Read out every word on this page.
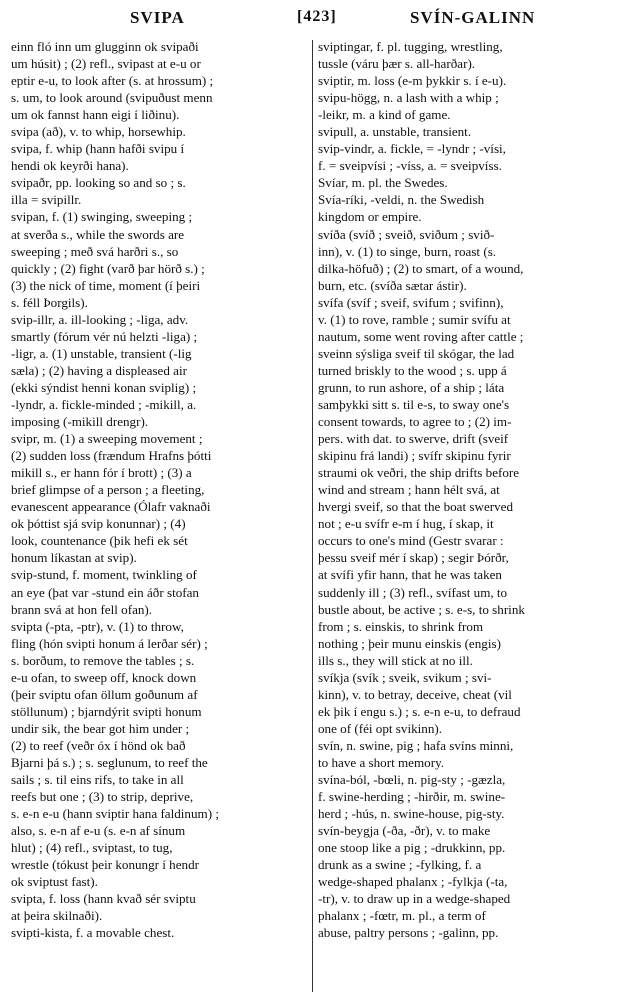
SVIPA	[423]	SVÍN-GALINN
einn fló inn um glugginn ok svipaði
um húsit) ; (2) refl., svipast at e-u or
eptir e-u, to look after (s. at hrossum) ;
s. um, to look around (svipuðust menn
um ok fannst hann eigi í liðinu).
svipa (að), v. to whip, horsewhip.
svipa, f. whip (hann hafði svipu í
hendi ok keyrði hana).
svipaðr, pp. looking so and so ; s.
illa = svipillr.
svipan, f. (1) swinging, sweeping ;
at sverða s., while the swords are
sweeping ; með svá harðri s., so
quickly ; (2) fight (varð þar hörð s.) ;
(3) the nick of time, moment (í þeiri
s. féll Þorgils).
svip-illr, a. ill-looking ; -liga, adv.
smartly (fórum vér nú helzti -liga) ;
-ligr, a. (1) unstable, transient (-lig
sæla) ; (2) having a displeased air
(ekki sýndist henni konan sviplig) ;
-lyndr, a. fickle-minded ; -mikill, a.
imposing (-mikill drengr).
svipr, m. (1) a sweeping movement ;
(2) sudden loss (frændum Hrafns þótti
mikill s., er hann fór í brott) ; (3) a
brief glimpse of a person ; a fleeting,
evanescent appearance (Ólafr vaknaði
ok þóttist sjá svip konunnar) ; (4)
look, countenance (þik hefi ek sét
honum líkastan at svip).
svip-stund, f. moment, twinkling of
an eye (þat var -stund ein áðr stofan
brann svá at hon fell ofan).
svipta (-pta, -ptr), v. (1) to throw,
fling (hón svipti honum á lerðar sér) ;
s. borðum, to remove the tables ; s.
e-u ofan, to sweep off, knock down
(þeir sviptu ofan öllum goðunum af
stöllunum) ; bjarndýrit svipti honum
undir sik, the bear got him under ;
(2) to reef (veðr óx í hönd ok bað
Bjarni þá s.) ; s. seglunum, to reef the
sails ; s. til eins rifs, to take in all
reefs but one ; (3) to strip, deprive,
s. e-n e-u (hann sviptir hana faldinum) ;
also, s. e-n af e-u (s. e-n af sínum
hlut) ; (4) refl., sviptast, to tug,
wrestle (tókust þeir konungr í hendr
ok sviptust fast).
svipta, f. loss (hann kvað sér sviptu
at þeira skilnaði).
svipti-kista, f. a movable chest.
sviptingar, f. pl. tugging, wrestling,
tussle (váru þær s. all-harðar).
sviptir, m. loss (e-m þykkir s. í e-u).
svipu-högg, n. a lash with a whip ;
-leikr, m. a kind of game.
svipull, a. unstable, transient.
svip-vindr, a. fickle, = -lyndr ; -vísi,
f. = sveipvísi ; -víss, a. = sveipvíss.
Svíar, m. pl. the Swedes.
Svía-ríki, -veldi, n. the Swedish
kingdom or empire.
svíða (svíð ; sveið, sviðum ; svið-
inn), v. (1) to singe, burn, roast (s.
dilka-höfuð) ; (2) to smart, of a wound,
burn, etc. (svíða sætar ástir).
svífa (svíf ; sveif, svifum ; svifinn),
v. (1) to rove, ramble ; sumir svífu at
nautum, some went roving after cattle ;
sveinn sýsliga sveif til skógar, the lad
turned briskly to the wood ; s. upp á
grunn, to run ashore, of a ship ; láta
samþykki sitt s. til e-s, to sway one's
consent towards, to agree to ; (2) im-
pers. with dat. to swerve, drift (sveif
skipinu frá landi) ; svífr skipinu fyrir
straumi ok veðri, the ship drifts before
wind and stream ; hann hélt svá, at
hvergi sveif, so that the boat swerved
not ; e-u svífr e-m í hug, í skap, it
occurs to one's mind (Gestr svarar :
þessu sveif mér í skap) ; segir Þórðr,
at svífi yfir hann, that he was taken
suddenly ill ; (3) refl., svífast um, to
bustle about, be active ; s. e-s, to shrink
from ; s. einskis, to shrink from
nothing ; þeir munu einskis (engis)
ills s., they will stick at no ill.
svíkja (svík ; sveik, svikum ; svi-
kinn), v. to betray, deceive, cheat (vil
ek þik í engu s.) ; s. e-n e-u, to defraud
one of (féi opt svikinn).
svín, n. swine, pig ; hafa svíns minni,
to have a short memory.
svína-ból, -bœli, n. pig-sty ; -gæzla,
f. swine-herding ; -hirðir, m. swine-
herd ; -hús, n. swine-house, pig-sty.
svín-beygja (-ða, -ðr), v. to make
one stoop like a pig ; -drukkinn, pp.
drunk as a swine ; -fylking, f. a
wedge-shaped phalanx ; -fylkja (-ta,
-tr), v. to draw up in a wedge-shaped
phalanx ; -fœtr, m. pl., a term of
abuse, paltry persons ; -galinn, pp.
